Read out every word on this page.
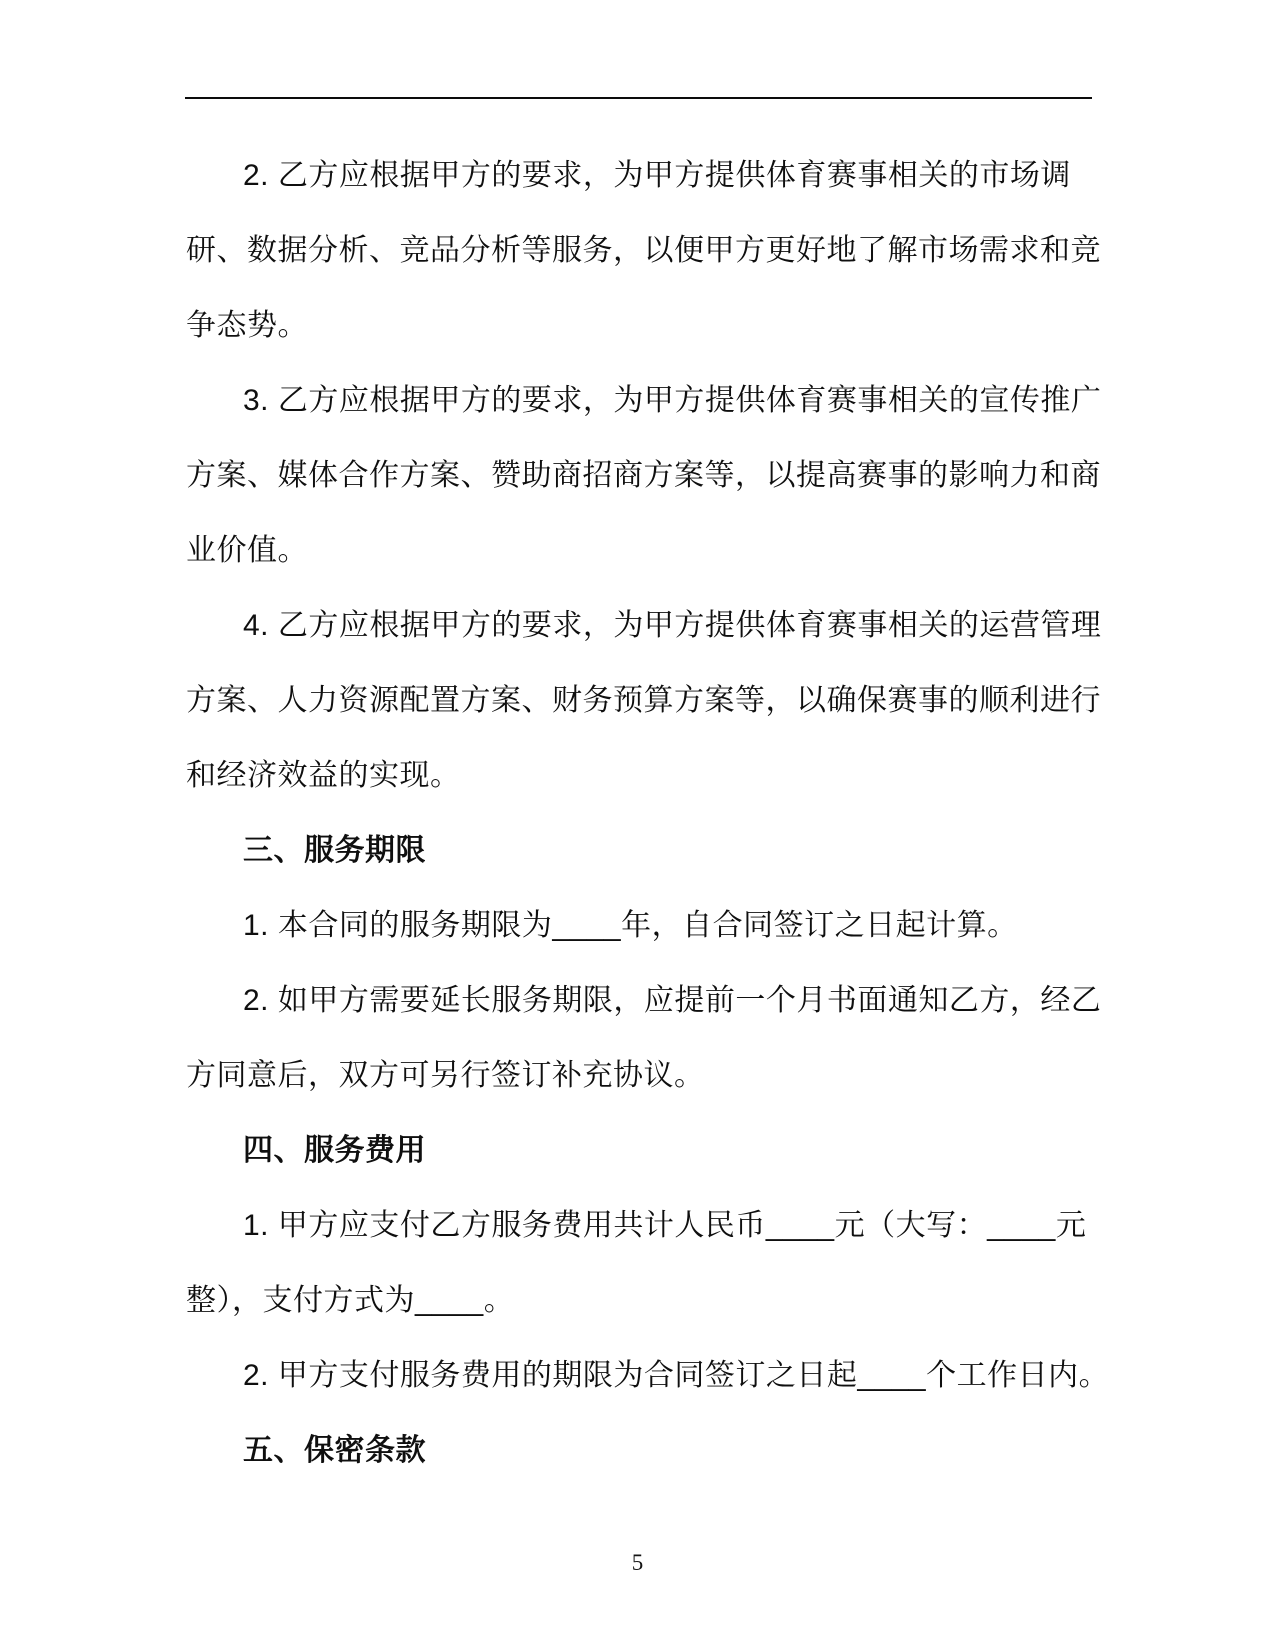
2. 乙方应根据甲方的要求，为甲方提供体育赛事相关的市场调
研、数据分析、竞品分析等服务，以便甲方更好地了解市场需求和竞
争态势。
3. 乙方应根据甲方的要求，为甲方提供体育赛事相关的宣传推广
方案、媒体合作方案、赞助商招商方案等，以提高赛事的影响力和商
业价值。
4. 乙方应根据甲方的要求，为甲方提供体育赛事相关的运营管理
方案、人力资源配置方案、财务预算方案等，以确保赛事的顺利进行
和经济效益的实现。
三、服务期限
1. 本合同的服务期限为____年，自合同签订之日起计算。
2. 如甲方需要延长服务期限，应提前一个月书面通知乙方，经乙
方同意后，双方可另行签订补充协议。
四、服务费用
1. 甲方应支付乙方服务费用共计人民币____元（大写：____元
整），支付方式为____。
2. 甲方支付服务费用的期限为合同签订之日起____个工作日内。
五、保密条款
5
